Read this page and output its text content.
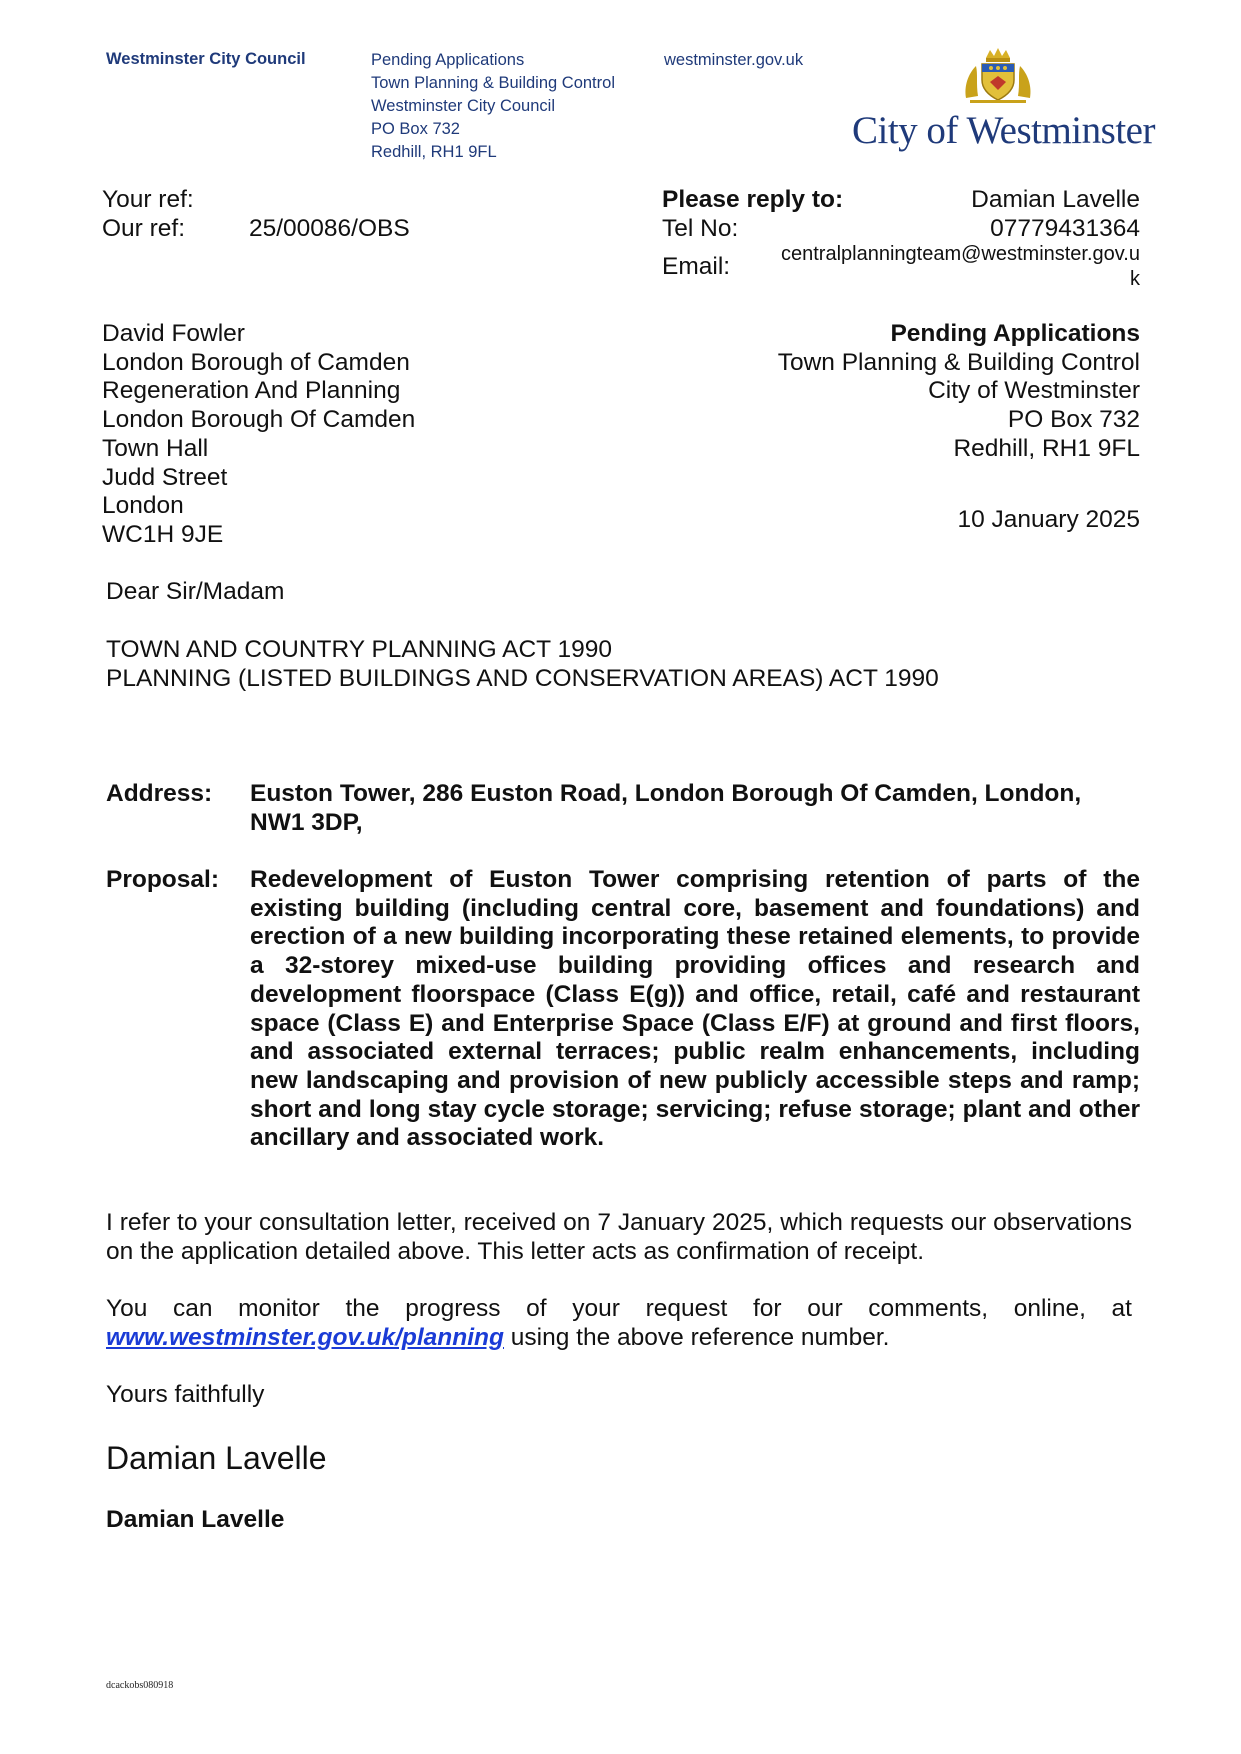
Westminster City Council	Pending Applications
Town Planning & Building Control
Westminster City Council
PO Box 732
Redhill, RH1 9FL
westminster.gov.uk
City of Westminster
Your ref:
Our ref:	25/00086/OBS
Please reply to:	Damian Lavelle
Tel No:	07779431364
Email:	centralplanningteam@westminster.gov.u
k
David Fowler
London Borough of Camden
Regeneration And Planning
London Borough Of Camden
Town Hall
Judd Street
London
WC1H 9JE
Pending Applications
Town Planning & Building Control
City of Westminster
PO Box 732
Redhill, RH1 9FL
10 January 2025
Dear Sir/Madam
TOWN AND COUNTRY PLANNING ACT 1990
PLANNING (LISTED BUILDINGS AND CONSERVATION AREAS) ACT 1990
Address: Euston Tower, 286 Euston Road, London Borough Of Camden, London, NW1 3DP,
Proposal: Redevelopment of Euston Tower comprising retention of parts of the existing building (including central core, basement and foundations) and erection of a new building incorporating these retained elements, to provide a 32-storey mixed-use building providing offices and research and development floorspace (Class E(g)) and office, retail, café and restaurant space (Class E) and Enterprise Space (Class E/F) at ground and first floors, and associated external terraces; public realm enhancements, including new landscaping and provision of new publicly accessible steps and ramp; short and long stay cycle storage; servicing; refuse storage; plant and other ancillary and associated work.
I refer to your consultation letter, received on 7 January 2025, which requests our observations on the application detailed above. This letter acts as confirmation of receipt.
You can monitor the progress of your request for our comments, online, at
www.westminster.gov.uk/planning using the above reference number.
Yours faithfully
Damian Lavelle
Damian Lavelle
dcackobs080918
